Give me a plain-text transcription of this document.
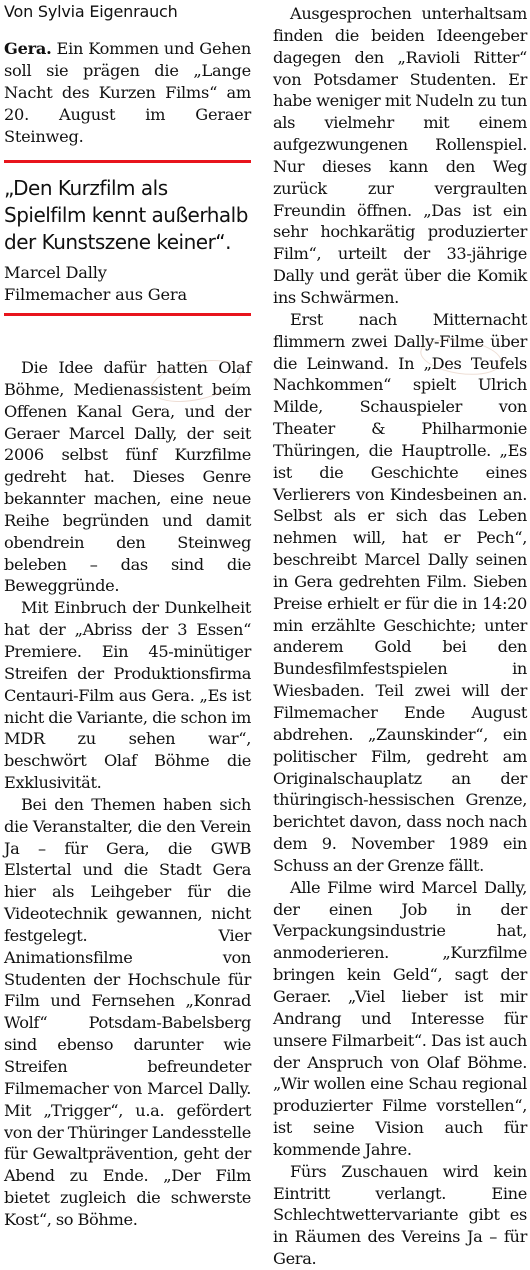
Von Sylvia Eigenrauch
Gera. Ein Kommen und Gehen soll sie prägen die „Lange Nacht des Kurzen Films“ am 20. August im Geraer Steinweg.
„Den Kurzfilm als Spielfilm kennt außerhalb der Kunstszene keiner“.
Marcel Dally
Filmemacher aus Gera

Die Idee dafür hatten Olaf Böhme, Medienassistent beim Offenen Kanal Gera, und der Geraer Marcel Dally, der seit 2006 selbst fünf Kurzfilme gedreht hat. Dieses Genre bekannter machen, eine neue Reihe begründen und damit obendrein den Steinweg beleben – das sind die Beweggründe.

Mit Einbruch der Dunkelheit hat der „Abriss der 3 Essen“ Premiere. Ein 45-minütiger Streifen der Produktionsfirma Centauri-Film aus Gera. „Es ist nicht die Variante, die schon im MDR zu sehen war“, beschwört Olaf Böhme die Exklusivität.

Bei den Themen haben sich die Veranstalter, die den Verein Ja – für Gera, die GWB Elstertal und die Stadt Gera hier als Leihgeber für die Videotechnik gewannen, nicht festgelegt. Vier Animationsfilme von Studenten der Hochschule für Film und Fernsehen „Konrad Wolf“ Potsdam-Babelsberg sind ebenso darunter wie Streifen befreundeter Filmemacher von Marcel Dally. Mit „Trigger“, u.a. gefördert von der Thüringer Landesstelle für Gewaltprävention, geht der Abend zu Ende. „Der Film bietet zugleich die schwerste Kost“, so Böhme.

Ausgesprochen unterhaltsam finden die beiden Ideengeber dagegen den „Ravioli Ritter“ von Potsdamer Studenten. Er habe weniger mit Nudeln zu tun als vielmehr mit einem aufgezwungenen Rollenspiel. Nur dieses kann den Weg zurück zur vergraulten Freundin öffnen. „Das ist ein sehr hochkarätig produzierter Film“, urteilt der 33-jährige Dally und gerät über die Komik ins Schwärmen.

Erst nach Mitternacht flimmern zwei Dally-Filme über die Leinwand. In „Des Teufels Nachkommen“ spielt Ulrich Milde, Schauspieler von Theater & Philharmonie Thüringen, die Hauptrolle. „Es ist die Geschichte eines Verlierers von Kindesbeinen an. Selbst als er sich das Leben nehmen will, hat er Pech“, beschreibt Marcel Dally seinen in Gera gedrehten Film. Sieben Preise erhielt er für die in 14:20 min erzählte Geschichte; unter anderem Gold bei den Bundesfilmfestspielen in Wiesbaden. Teil zwei will der Filmemacher Ende August abdrehen. „Zaunskinder“, ein politischer Film, gedreht am Originalschauplatz an der thüringisch-hessischen Grenze, berichtet davon, dass noch nach dem 9. November 1989 ein Schuss an der Grenze fällt.

Alle Filme wird Marcel Dally, der einen Job in der Verpackungsindustrie hat, anmoderieren. „Kurzfilme bringen kein Geld“, sagt der Geraer. „Viel lieber ist mir Andrang und Interesse für unsere Filmarbeit“. Das ist auch der Anspruch von Olaf Böhme. „Wir wollen eine Schau regional produzierter Filme vorstellen“, ist seine Vision auch für kommende Jahre.

Fürs Zuschauen wird kein Eintritt verlangt. Eine Schlechtwettervariante gibt es in Räumen des Vereins Ja – für Gera.
